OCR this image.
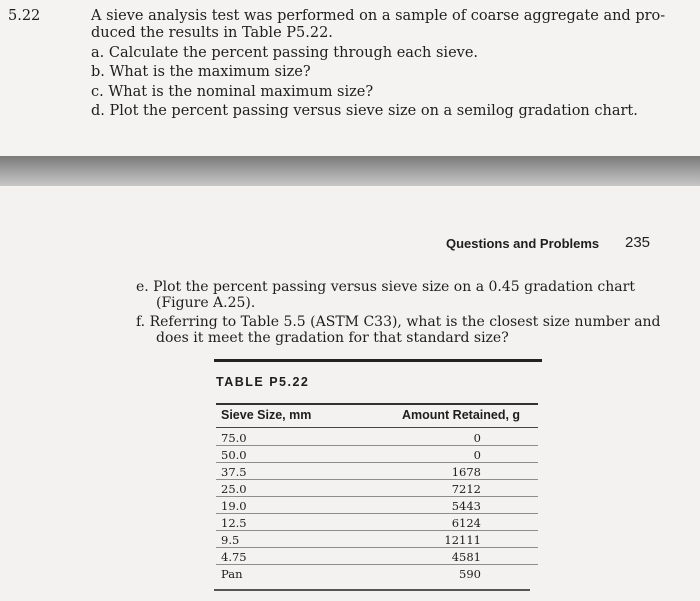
5.22	A sieve analysis test was performed on a sample of coarse aggregate and pro-
duced the results in Table P5.22.
a. Calculate the percent passing through each sieve.
b. What is the maximum size?
c. What is the nominal maximum size?
d. Plot the percent passing versus sieve size on a semilog gradation chart.
Questions and Problems 235
e. Plot the percent passing versus sieve size on a 0.45 gradation chart
(Figure A.25).
f. Referring to Table 5.5 (ASTM C33), what is the closest size number and
does it meet the gradation for that standard size?
TABLE P5.22
Sieve Size, mm	Amount Retained, g
75.0	0
50.0	0
37.5	1678
25.0	7212
19.0	5443
12.5	6124
9.5	12111
4.75	4581
Pan	590
